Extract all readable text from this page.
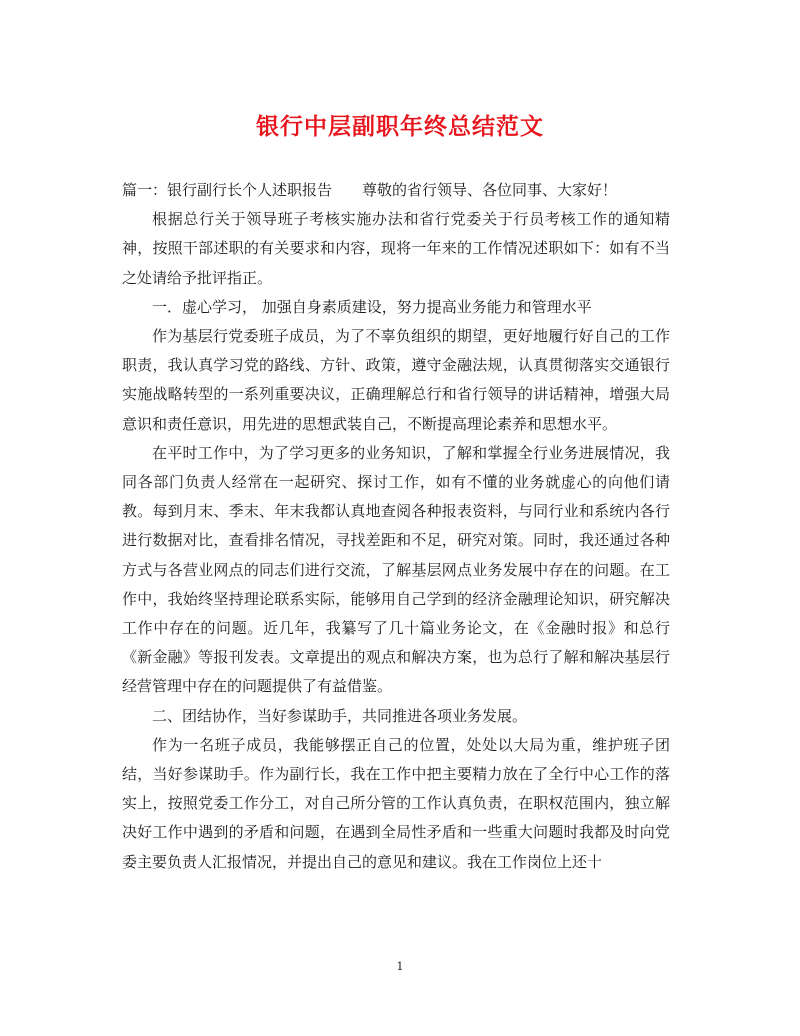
银行中层副职年终总结范文

篇一：银行副行长个人述职报告 尊敬的省行领导、各位同事、大家好！

根据总行关于领导班子考核实施办法和省行党委关于行员考核工作的通知精神，按照干部述职的有关要求和内容，现将一年来的工作情况述职如下：如有不当之处请给予批评指正。

一．虚心学习， 加强自身素质建设，努力提高业务能力和管理水平

作为基层行党委班子成员，为了不辜负组织的期望，更好地履行好自己的工作职责，我认真学习党的路线、方针、政策，遵守金融法规，认真贯彻落实交通银行实施战略转型的一系列重要决议，正确理解总行和省行领导的讲话精神，增强大局意识和责任意识，用先进的思想武装自己，不断提高理论素养和思想水平。

在平时工作中，为了学习更多的业务知识，了解和掌握全行业务进展情况，我同各部门负责人经常在一起研究、探讨工作，如有不懂的业务就虚心的向他们请教。每到月末、季末、年末我都认真地查阅各种报表资料，与同行业和系统内各行进行数据对比，查看排名情况，寻找差距和不足，研究对策。同时，我还通过各种方式与各营业网点的同志们进行交流，了解基层网点业务发展中存在的问题。在工作中，我始终坚持理论联系实际，能够用自己学到的经济金融理论知识，研究解决工作中存在的问题。近几年，我纂写了几十篇业务论文，在《金融时报》和总行《新金融》等报刊发表。文章提出的观点和解决方案，也为总行了解和解决基层行经营管理中存在的问题提供了有益借鉴。

二、团结协作，当好参谋助手，共同推进各项业务发展。

作为一名班子成员，我能够摆正自己的位置，处处以大局为重，维护班子团结，当好参谋助手。作为副行长，我在工作中把主要精力放在了全行中心工作的落实上，按照党委工作分工，对自己所分管的工作认真负责，在职权范围内，独立解决好工作中遇到的矛盾和问题，在遇到全局性矛盾和一些重大问题时我都及时向党委主要负责人汇报情况，并提出自己的意见和建议。我在工作岗位上还十

1
